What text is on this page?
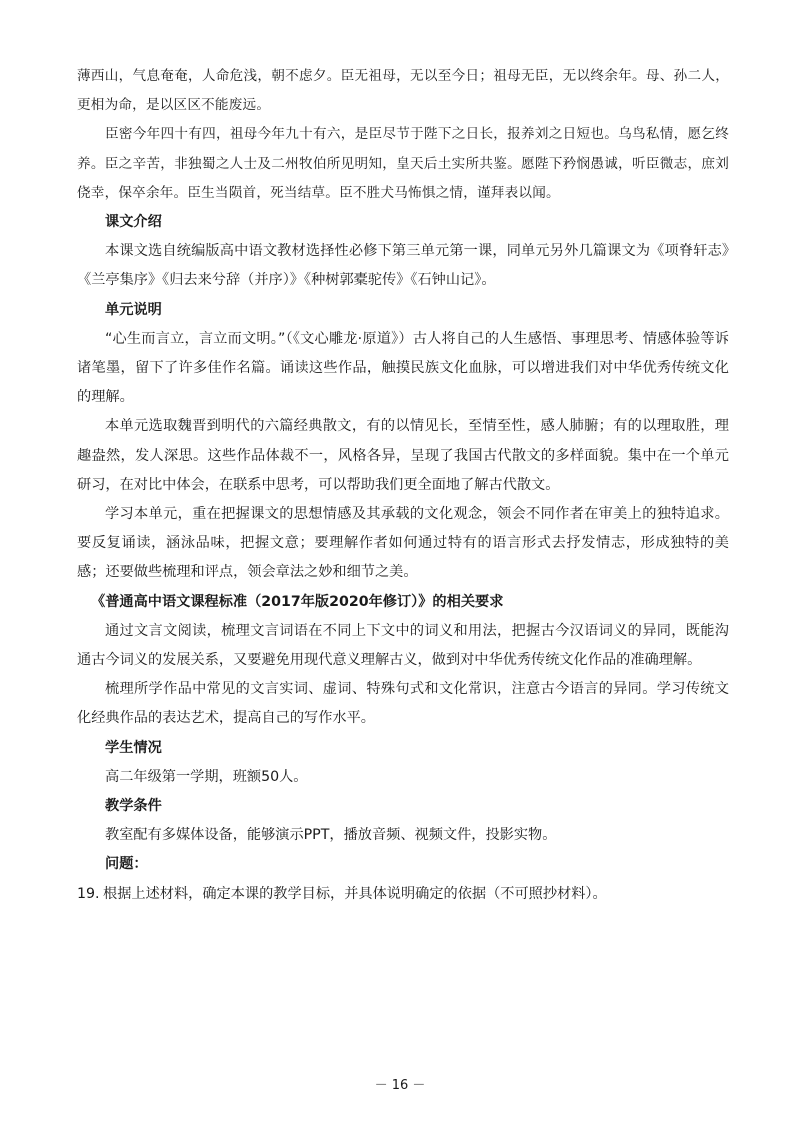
薄西山，气息奄奄，人命危浅，朝不虑夕。臣无祖母，无以至今日；祖母无臣，无以终余年。母、孙二人，更相为命，是以区区不能废远。

臣密今年四十有四，祖母今年九十有六，是臣尽节于陛下之日长，报养刘之日短也。乌鸟私情，愿乞终养。臣之辛苦，非独蜀之人士及二州牧伯所见明知，皇天后土实所共鉴。愿陛下矜悯愚诚，听臣微志，庶刘侥幸，保卒余年。臣生当陨首，死当结草。臣不胜犬马怖惧之情，谨拜表以闻。

课文介绍

本课文选自统编版高中语文教材选择性必修下第三单元第一课，同单元另外几篇课文为《项脊轩志》《兰亭集序》《归去来兮辞（并序）》《种树郭橐驼传》《石钟山记》。

单元说明

“心生而言立，言立而文明。”（《文心雕龙·原道》）古人将自己的人生感悟、事理思考、情感体验等诉诸笔墨，留下了许多佳作名篇。诵读这些作品，触摸民族文化血脉，可以增进我们对中华优秀传统文化的理解。

本单元选取魏晋到明代的六篇经典散文，有的以情见长，至情至性，感人肺腑；有的以理取胜，理趣盎然，发人深思。这些作品体裁不一，风格各异，呈现了我国古代散文的多样面貌。集中在一个单元研习，在对比中体会，在联系中思考，可以帮助我们更全面地了解古代散文。

学习本单元，重在把握课文的思想情感及其承载的文化观念，领会不同作者在审美上的独特追求。要反复诵读，涵泳品味，把握文意；要理解作者如何通过特有的语言形式去抒发情志，形成独特的美感；还要做些梳理和评点，领会章法之妙和细节之美。

《普通高中语文课程标准（2017年版2020年修订）》的相关要求

通过文言文阅读，梳理文言词语在不同上下文中的词义和用法，把握古今汉语词义的异同，既能沟通古今词义的发展关系，又要避免用现代意义理解古义，做到对中华优秀传统文化作品的准确理解。

梳理所学作品中常见的文言实词、虚词、特殊句式和文化常识，注意古今语言的异同。学习传统文化经典作品的表达艺术，提高自己的写作水平。

学生情况

高二年级第一学期，班额50人。

教学条件

教室配有多媒体设备，能够演示PPT，播放音频、视频文件，投影实物。

问题：

19. 根据上述材料，确定本课的教学目标，并具体说明确定的依据（不可照抄材料）。
－ 16 －
